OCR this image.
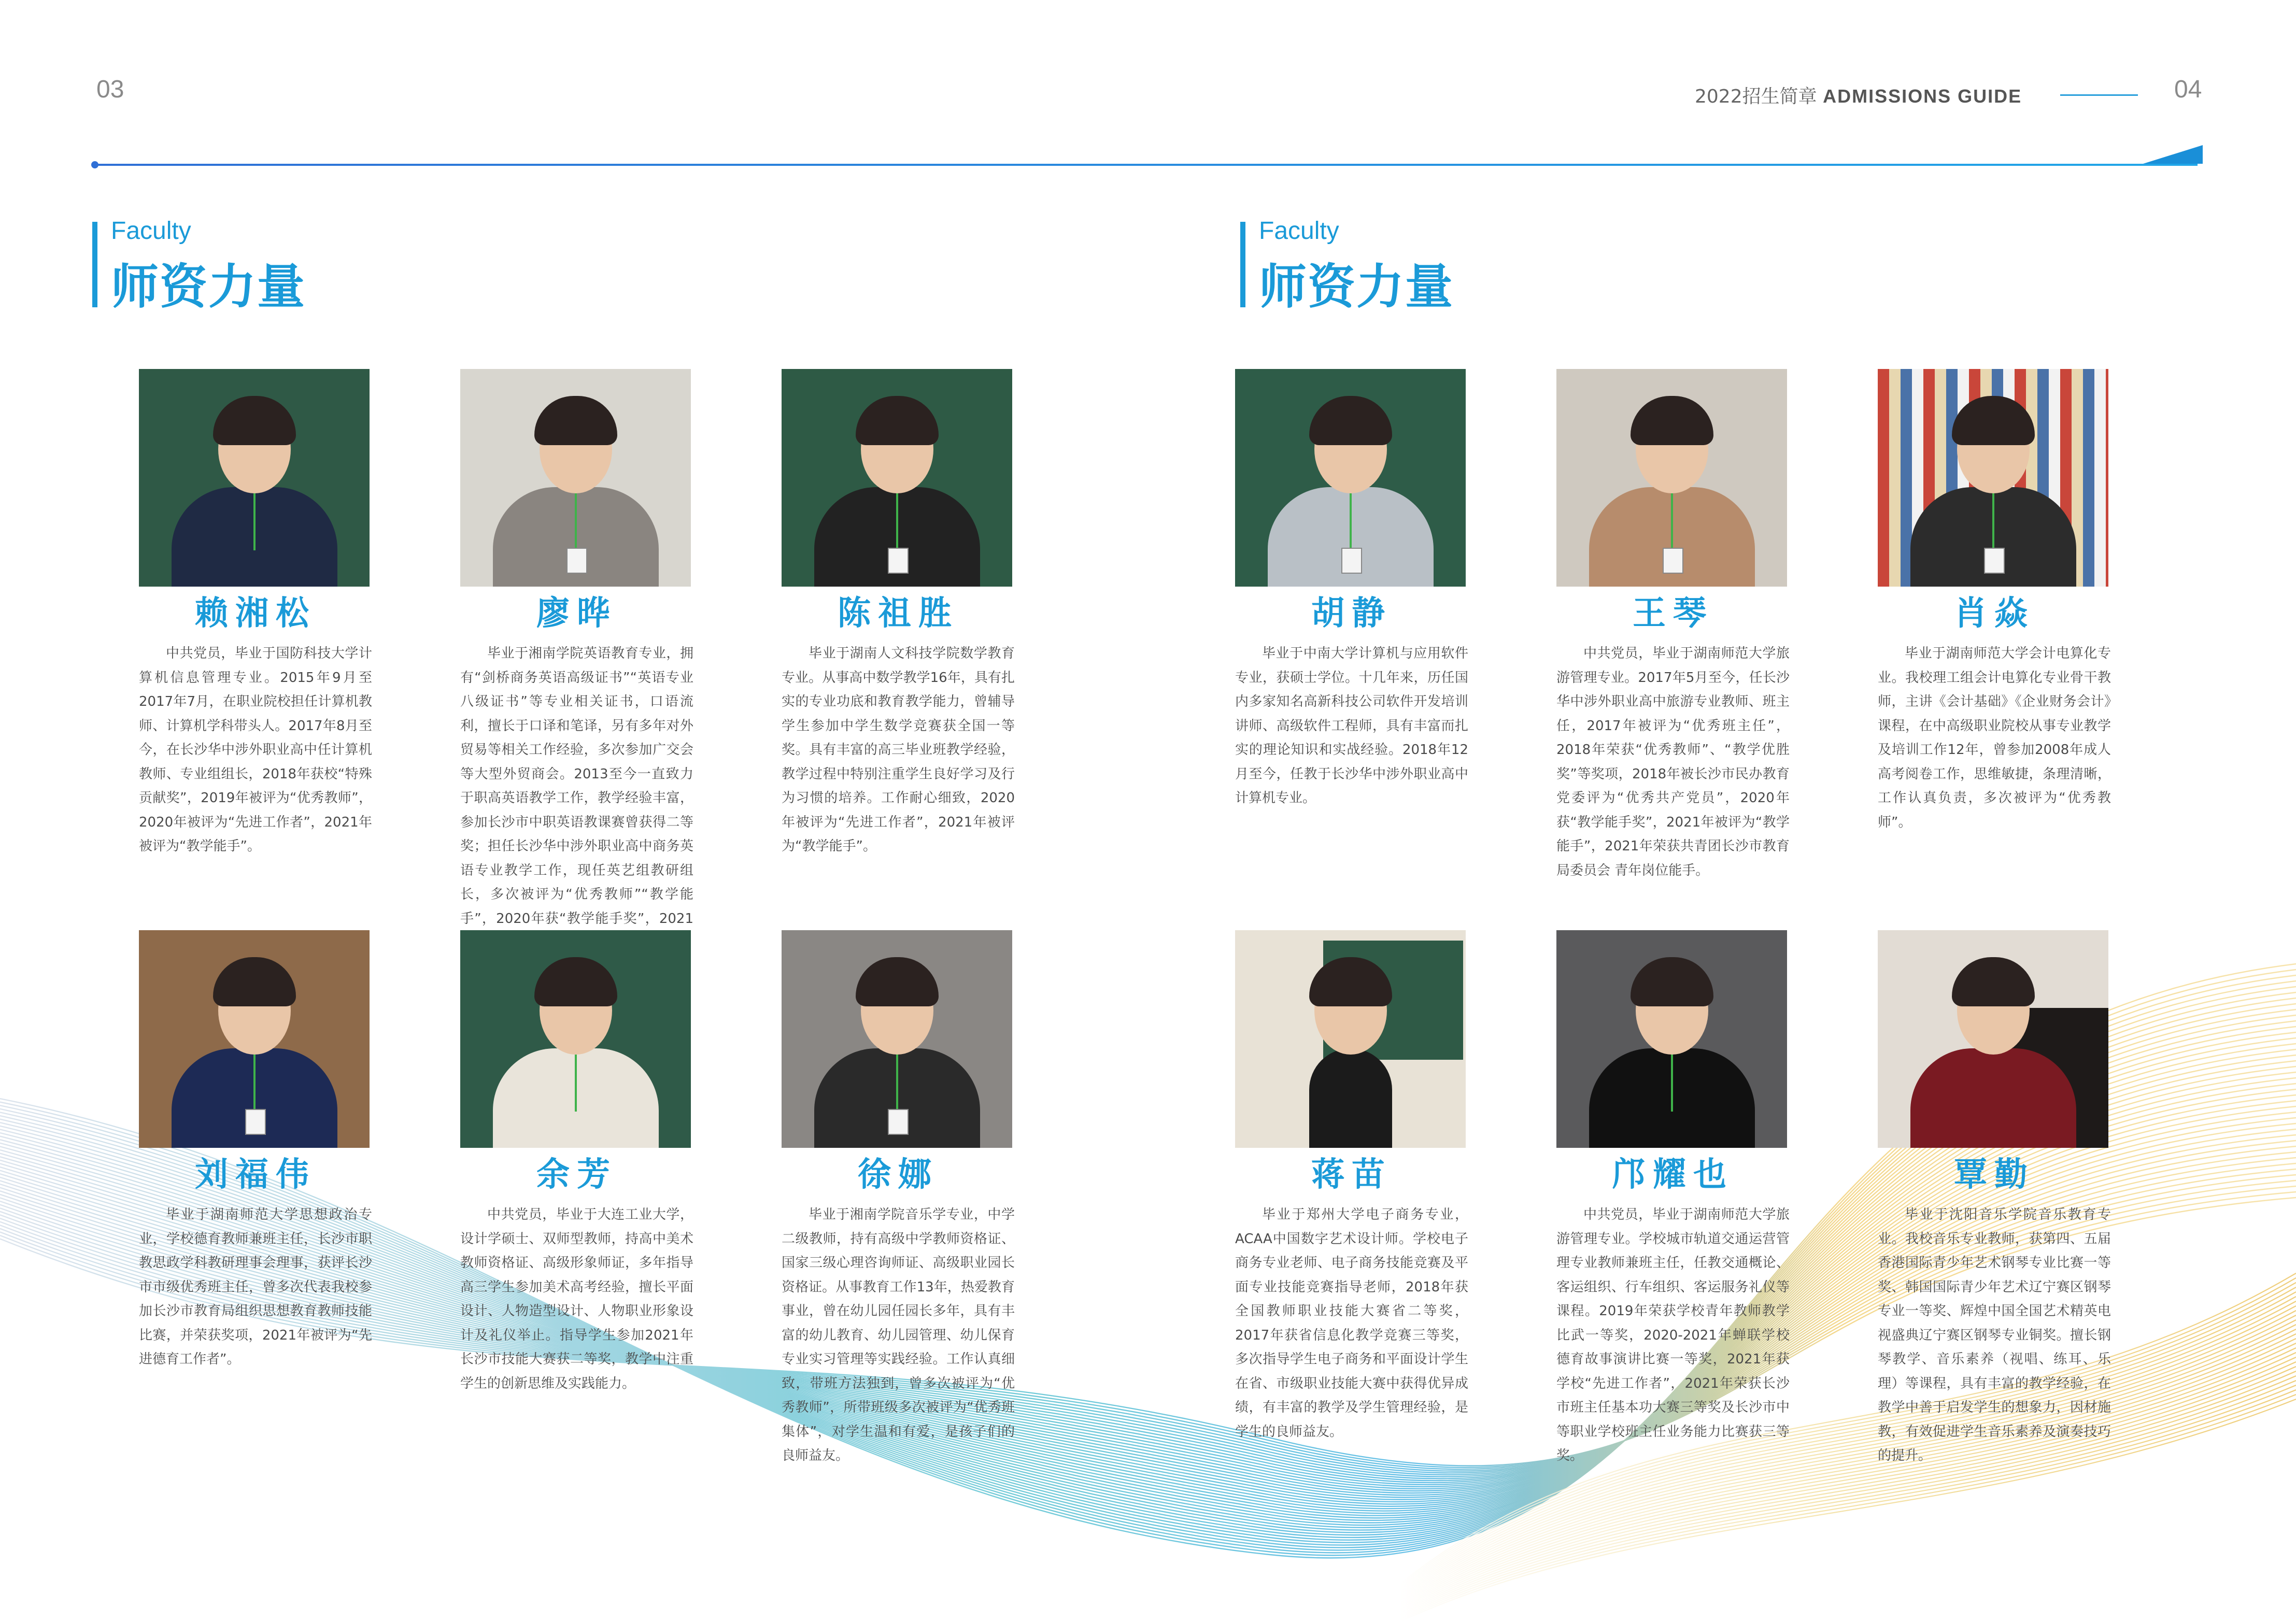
03	04
2022招生简章 ADMISSIONS GUIDE
Faculty
师资力量
Faculty
师资力量
赖湘松
中共党员，毕业于国防科技大学计算机信息管理专业。2015年9月至2017年7月，在职业院校担任计算机教师、计算机学科带头人。2017年8月至今，在长沙华中涉外职业高中任计算机教师、专业组组长，2018年获校“特殊贡献奖”，2019年被评为“优秀教师”，2020年被评为“先进工作者”，2021年被评为“教学能手”。
廖晔
毕业于湘南学院英语教育专业，拥有“剑桥商务英语高级证书”“英语专业八级证书”等专业相关证书，口语流利，擅长于口译和笔译，另有多年对外贸易等相关工作经验，多次参加广交会等大型外贸商会。2013至今一直致力于职高英语教学工作，教学经验丰富，参加长沙市中职英语教课赛曾获得二等奖；担任长沙华中涉外职业高中商务英语专业教学工作，现任英艺组教研组长，多次被评为“优秀教师”“教学能手”，2020年获“教学能手奖”，2021
陈祖胜
毕业于湖南人文科技学院数学教育专业。从事高中数学教学16年，具有扎实的专业功底和教育教学能力，曾辅导学生参加中学生数学竞赛获全国一等奖。具有丰富的高三毕业班教学经验，教学过程中特别注重学生良好学习及行为习惯的培养。工作耐心细致，2020年被评为“先进工作者”，2021年被评为“教学能手”。
胡静
毕业于中南大学计算机与应用软件专业，获硕士学位。十几年来，历任国内多家知名高新科技公司软件开发培训讲师、高级软件工程师，具有丰富而扎实的理论知识和实战经验。2018年12月至今，任教于长沙华中涉外职业高中计算机专业。
王琴
中共党员，毕业于湖南师范大学旅游管理专业。2017年5月至今，任长沙华中涉外职业高中旅游专业教师、班主任，2017年被评为“优秀班主任”，2018年荣获“优秀教师”、“教学优胜奖”等奖项，2018年被长沙市民办教育党委评为“优秀共产党员”，2020年获“教学能手奖”，2021年被评为“教学能手”，2021年荣获共青团长沙市教育局委员会 青年岗位能手。
肖焱
毕业于湖南师范大学会计电算化专业。我校理工组会计电算化专业骨干教师，主讲《会计基础》《企业财务会计》课程，在中高级职业院校从事专业教学及培训工作12年，曾参加2008年成人高考阅卷工作，思维敏捷，条理清晰，工作认真负责，多次被评为“优秀教师”。
刘福伟
毕业于湖南师范大学思想政治专业，学校德育教师兼班主任，长沙市职教思政学科教研理事会理事，获评长沙市市级优秀班主任，曾多次代表我校参加长沙市教育局组织思想教育教师技能比赛，并荣获奖项，2021年被评为“先进德育工作者”。
余芳
中共党员，毕业于大连工业大学，设计学硕士、双师型教师，持高中美术教师资格证、高级形象师证，多年指导高三学生参加美术高考经验，擅长平面设计、人物造型设计、人物职业形象设计及礼仪举止。指导学生参加2021年长沙市技能大赛获二等奖，教学中注重学生的创新思维及实践能力。
徐娜
毕业于湘南学院音乐学专业，中学二级教师，持有高级中学教师资格证、国家三级心理咨询师证、高级职业园长资格证。从事教育工作13年，热爱教育事业，曾在幼儿园任园长多年，具有丰富的幼儿教育、幼儿园管理、幼儿保育专业实习管理等实践经验。工作认真细致，带班方法独到，曾多次被评为“优秀教师”，所带班级多次被评为“优秀班集体”，对学生温和有爱，是孩子们的良师益友。
蒋苗
毕业于郑州大学电子商务专业，ACAA中国数字艺术设计师。学校电子商务专业老师、电子商务技能竞赛及平面专业技能竞赛指导老师，2018年获全国教师职业技能大赛省二等奖，2017年获省信息化教学竞赛三等奖，多次指导学生电子商务和平面设计学生在省、市级职业技能大赛中获得优异成绩，有丰富的教学及学生管理经验，是学生的良师益友。
邝耀也
中共党员，毕业于湖南师范大学旅游管理专业。学校城市轨道交通运营管理专业教师兼班主任，任教交通概论、客运组织、行车组织、客运服务礼仪等课程。2019年荣获学校青年教师教学比武一等奖，2020-2021年蝉联学校德育故事演讲比赛一等奖，2021年获学校“先进工作者”，2021年荣获长沙市班主任基本功大赛三等奖及长沙市中等职业学校班主任业务能力比赛获三等奖。
覃勤
毕业于沈阳音乐学院音乐教育专业。我校音乐专业教师，获第四、五届香港国际青少年艺术钢琴专业比赛一等奖、韩国国际青少年艺术辽宁赛区钢琴专业一等奖、辉煌中国全国艺术精英电视盛典辽宁赛区钢琴专业铜奖。擅长钢琴教学、音乐素养（视唱、练耳、乐理）等课程，具有丰富的教学经验，在教学中善于启发学生的想象力，因材施教，有效促进学生音乐素养及演奏技巧的提升。
